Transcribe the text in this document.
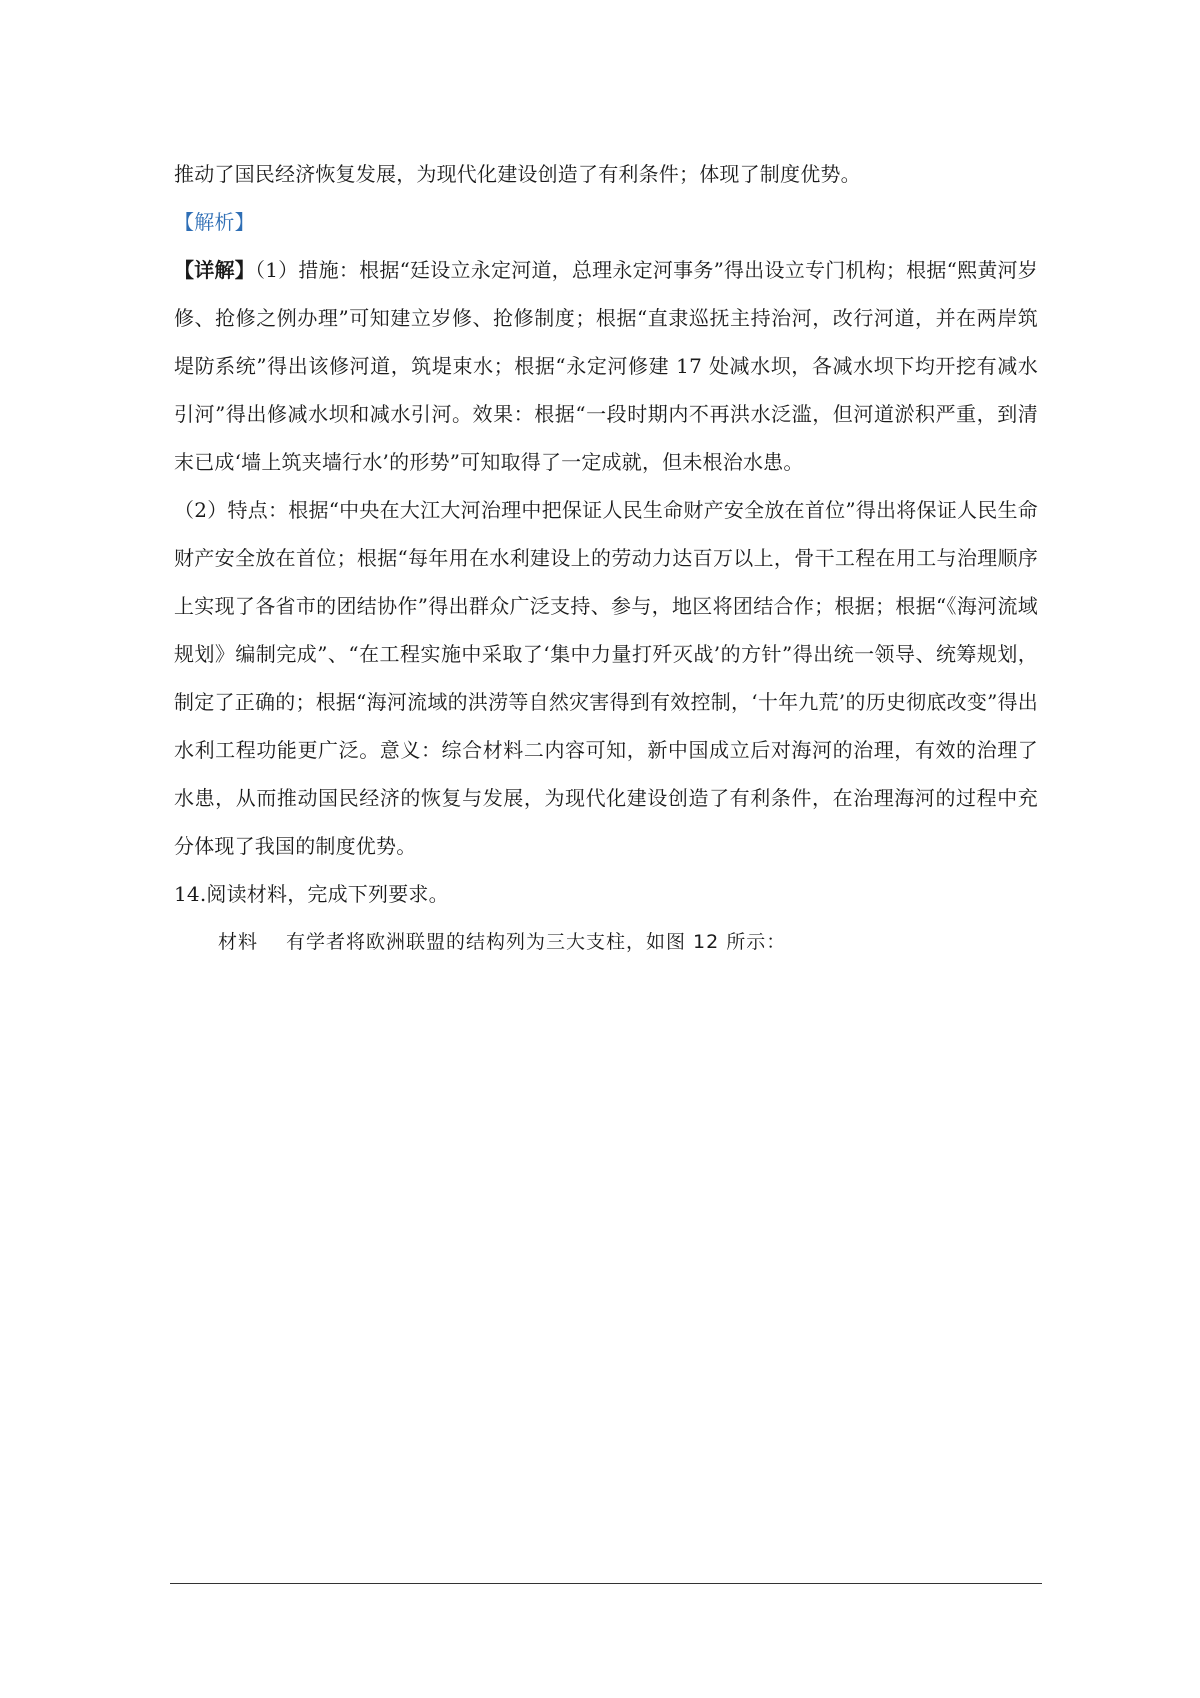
推动了国民经济恢复发展，为现代化建设创造了有利条件；体现了制度优势。

【解析】

【详解】（1）措施：根据“廷设立永定河道，总理永定河事务”得出设立专门机构；根据“熙黄河岁修、抢修之例办理”可知建立岁修、抢修制度；根据“直隶巡抚主持治河，改行河道，并在两岸筑堤防系统”得出该修河道，筑堤束水；根据“永定河修建 17 处减水坝，各减水坝下均开挖有减水引河”得出修减水坝和减水引河。效果：根据“一段时期内不再洪水泛滥，但河道淤积严重，到清末已成‘墙上筑夹墙行水’的形势”可知取得了一定成就，但未根治水患。

（2）特点：根据“中央在大江大河治理中把保证人民生命财产安全放在首位”得出将保证人民生命财产安全放在首位；根据“每年用在水利建设上的劳动力达百万以上，骨干工程在用工与治理顺序上实现了各省市的团结协作”得出群众广泛支持、参与，地区将团结合作；根据；根据“《海河流域规划》编制完成”、“在工程实施中采取了‘集中力量打歼灭战’的方针”得出统一领导、统筹规划，制定了正确的；根据“海河流域的洪涝等自然灾害得到有效控制，‘十年九荒’的历史彻底改变”得出水利工程功能更广泛。意义：综合材料二内容可知，新中国成立后对海河的治理，有效的治理了水患，从而推动国民经济的恢复与发展，为现代化建设创造了有利条件，在治理海河的过程中充分体现了我国的制度优势。

14.阅读材料，完成下列要求。

材料 有学者将欧洲联盟的结构列为三大支柱，如图 12 所示：
